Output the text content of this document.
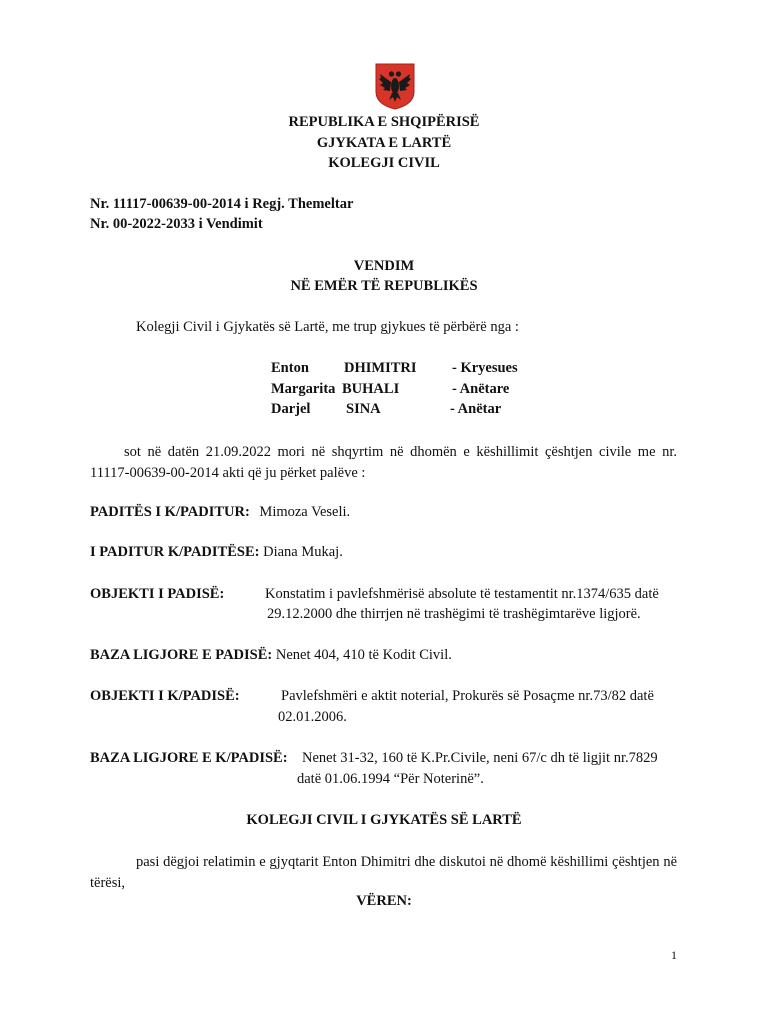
REPUBLIKA E SHQIPËRISË
GJYKATA E LARTË
KOLEGJI CIVIL
Nr. 11117-00639-00-2014 i Regj. Themeltar
Nr. 00-2022-2033 i Vendimit
VENDIM
NË EMËR TË REPUBLIKËS
Kolegji Civil i Gjykatës së Lartë, me trup gjykues të përbërë nga :
Enton DHIMITRI - Kryesues
Margarita BUHALI	- Anëtare
Darjel SINA	- Anëtar
sot në datën 21.09.2022 mori në shqyrtim në dhomën e këshillimit çështjen civile me nr. 11117-00639-00-2014 akti që ju përket palëve :
PADITËS I K/PADITUR: Mimoza Veseli.
I PADITUR K/PADITËSE: Diana Mukaj.
OBJEKTI I PADISË:	Konstatim i pavlefshmërisë absolute të testamentit nr.1374/635 datë
29.12.2000 dhe thirrjen në trashëgimi të trashëgimtarëve ligjorë.
BAZA LIGJORE E PADISË: Nenet 404, 410 të Kodit Civil.
OBJEKTI I K/PADISË:	Pavlefshmëri e aktit noterial, Prokurës së Posaçme nr.73/82 datë
02.01.2006.
BAZA LIGJORE E K/PADISË: Nenet 31-32, 160 të K.Pr.Civile, neni 67/c dh të ligjit nr.7829
datë 01.06.1994 “Për Noterinë”.
KOLEGJI CIVIL I GJYKATËS SË LARTË
pasi dëgjoi relatimin e gjyqtarit Enton Dhimitri dhe diskutoi në dhomë këshillimi çështjen në tërësi,
VËREN:
1
